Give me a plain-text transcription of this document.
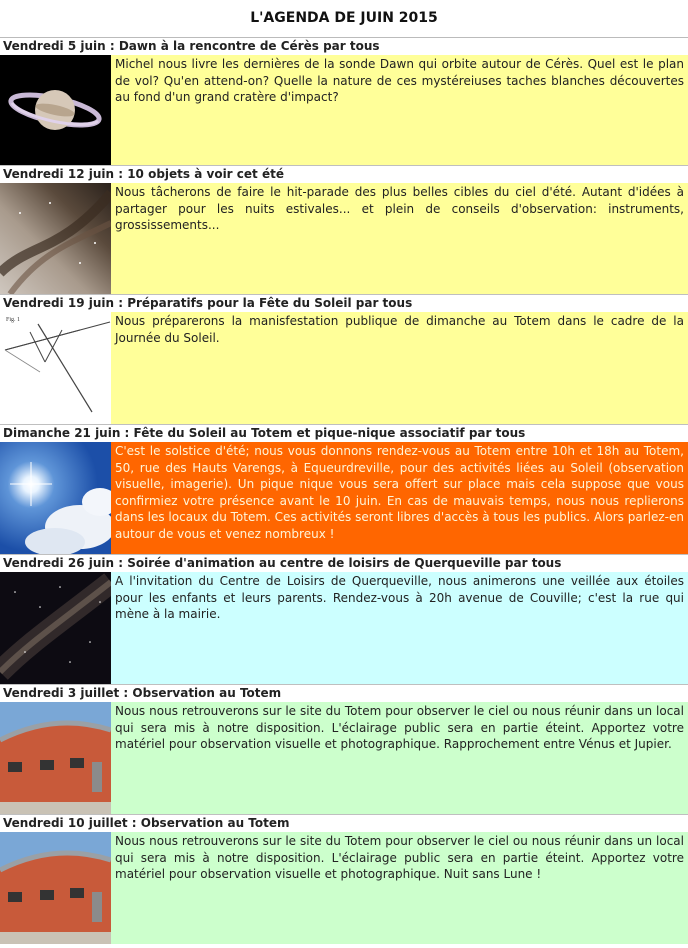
L'AGENDA DE JUIN 2015
Vendredi 5 juin : Dawn à la rencontre de Cérès par tous
Michel nous livre les dernières de la sonde Dawn qui orbite autour de Cérès. Quel est le plan de vol? Qu'en attend-on? Quelle la nature de ces mystéreiuses taches blanches découvertes au fond d'un grand cratère d'impact?
Vendredi 12 juin : 10 objets à voir cet été
Nous tâcherons de faire le hit-parade des plus belles cibles du ciel d'été. Autant d'idées à partager pour les nuits estivales... et plein de conseils d'observation: instruments, grossissements...
Vendredi 19 juin : Préparatifs pour la Fête du Soleil par tous
Fig. 1	Nous préparerons la manisfestation publique de dimanche au Totem dans le cadre de la Journée du Soleil.
Dimanche 21 juin : Fête du Soleil au Totem et pique-nique associatif par tous
C'est le solstice d'été; nous vous donnons rendez-vous au Totem entre 10h et 18h au Totem, 50, rue des Hauts Varengs, à Equeurdreville, pour des activités liées au Soleil (observation visuelle, imagerie). Un pique nique vous sera offert sur place mais cela suppose que vous confirmiez votre présence avant le 10 juin. En cas de mauvais temps, nous nous replierons dans les locaux du Totem. Ces activités seront libres d'accès à tous les publics. Alors parlez-en autour de vous et venez nombreux !
Vendredi 26 juin : Soirée d'animation au centre de loisirs de Querqueville par tous
A l'invitation du Centre de Loisirs de Querqueville, nous animerons une veillée aux étoiles pour les enfants et leurs parents. Rendez-vous à 20h avenue de Couville; c'est la rue qui mène à la mairie.
Vendredi 3 juillet : Observation au Totem
Nous nous retrouverons sur le site du Totem pour observer le ciel ou nous réunir dans un local qui sera mis à notre disposition. L'éclairage public sera en partie éteint. Apportez votre matériel pour observation visuelle et photographique. Rapprochement entre Vénus et Jupier.
Vendredi 10 juillet : Observation au Totem
Nous nous retrouverons sur le site du Totem pour observer le ciel ou nous réunir dans un local qui sera mis à notre disposition. L'éclairage public sera en partie éteint. Apportez votre matériel pour observation visuelle et photographique. Nuit sans Lune !
